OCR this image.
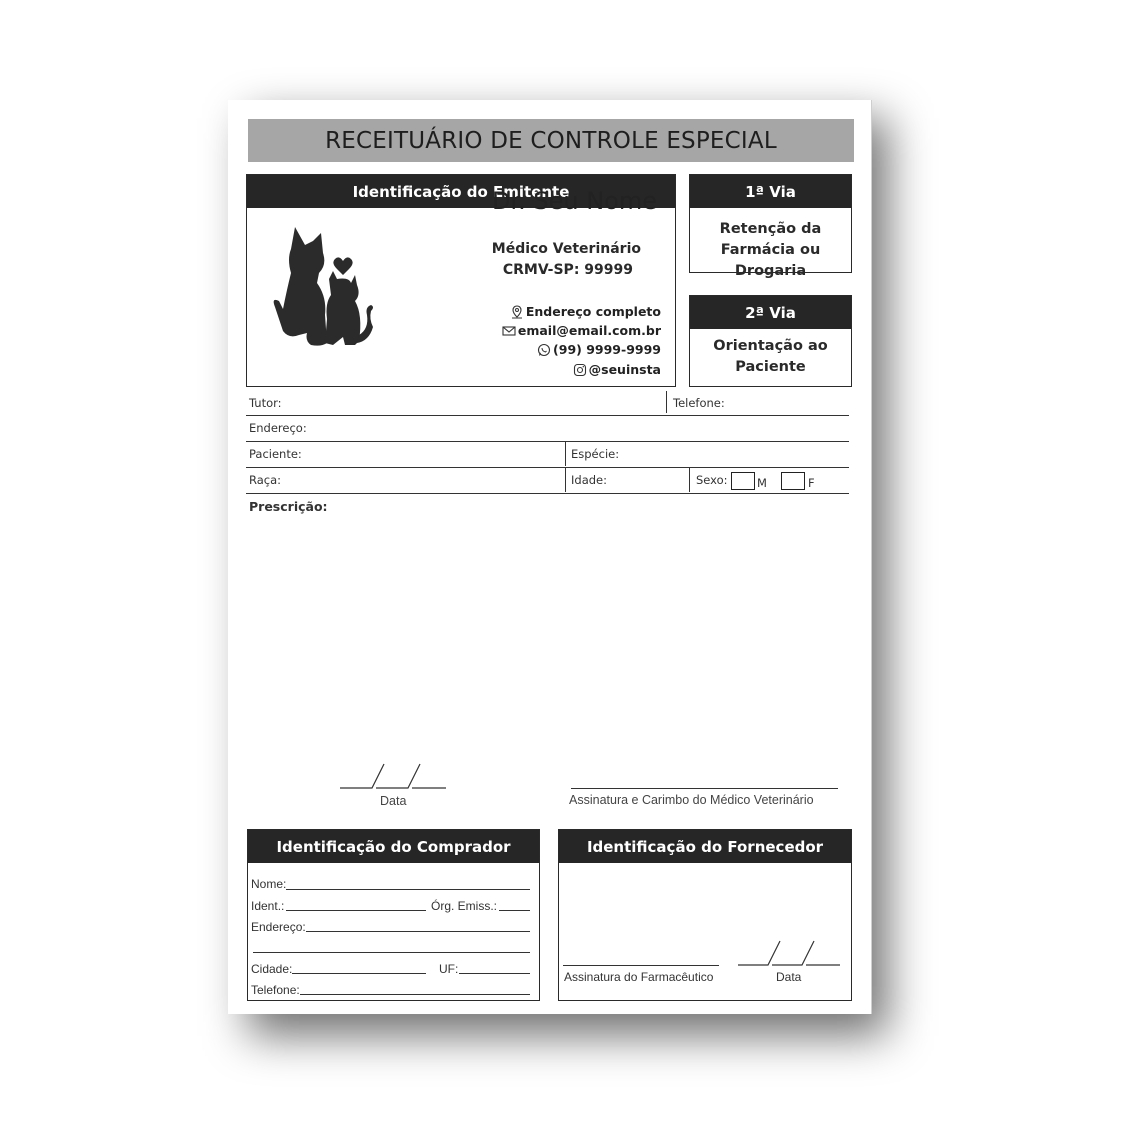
RECEITUÁRIO DE CONTROLE ESPECIAL
Identificação do Emitente
Dr. Seu Nome
Médico Veterinário
CRMV-SP: 99999
Endereço completo
email@email.com.br
(99) 9999-9999
@seuinsta
1ª Via
Retenção da
Farmácia ou Drogaria
2ª Via
Orientação ao
Paciente
Tutor:	Telefone:
Endereço:
Paciente:	Espécie:
Raça:	Idade:	Sexo:	M	F
Prescrição:
Data	Assinatura e Carimbo do Médico Veterinário
Identificação do Comprador
Nome:
Ident.:	Órg. Emiss.:
Endereço:
Cidade:	UF:
Telefone:
Identificação do Fornecedor
Assinatura do Farmacêutico	Data
